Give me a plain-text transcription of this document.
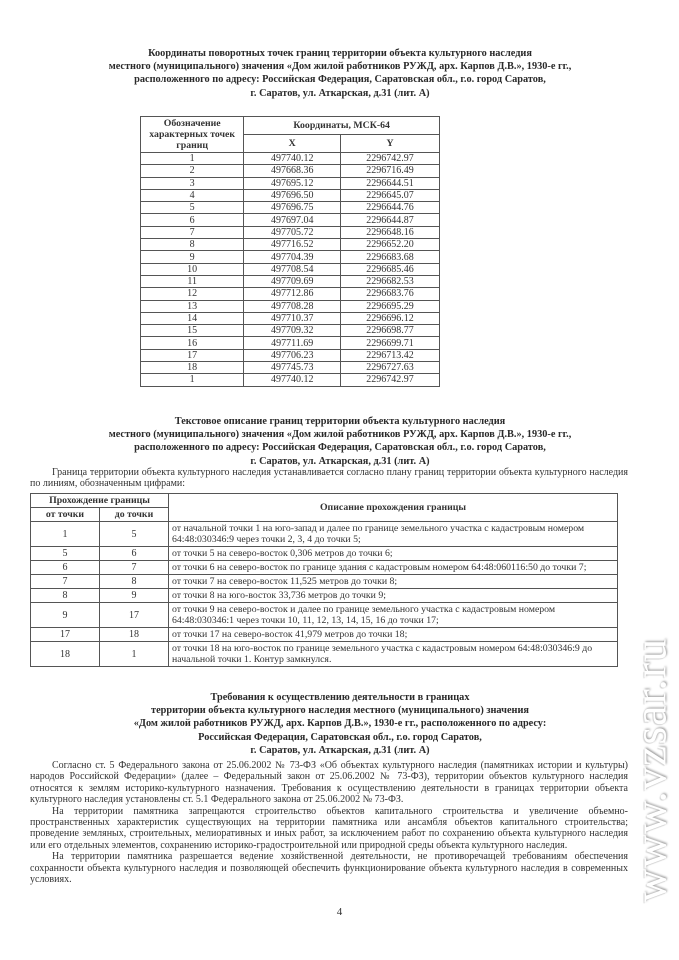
Координаты поворотных точек границ территории объекта культурного наследия
местного (муниципального) значения «Дом жилой работников РУЖД, арх. Карпов Д.В.», 1930-е гг.,
расположенного по адресу: Российская Федерация, Саратовская обл., г.о. город Саратов,
г. Саратов, ул. Аткарская, д.31 (лит. А)
Обозначение характерных точек границ	Координаты, МСК-64	
	X	Y
1	497740.12	2296742.97
2	497668.36	2296716.49
3	497695.12	2296644.51
4	497696.50	2296645.07
5	497696.75	2296644.76
6	497697.04	2296644.87
7	497705.72	2296648.16
8	497716.52	2296652.20
9	497704.39	2296683.68
10	497708.54	2296685.46
11	497709.69	2296682.53
12	497712.86	2296683.76
13	497708.28	2296695.29
14	497710.37	2296696.12
15	497709.32	2296698.77
16	497711.69	2296699.71
17	497706.23	2296713.42
18	497745.73	2296727.63
1	497740.12	2296742.97
Текстовое описание границ территории объекта культурного наследия
местного (муниципального) значения «Дом жилой работников РУЖД, арх. Карпов Д.В.», 1930-е гг.,
расположенного по адресу: Российская Федерация, Саратовская обл., г.о. город Саратов,
г. Саратов, ул. Аткарская, д.31 (лит. А)

Граница территории объекта культурного наследия устанавливается согласно плану границ территории объекта культурного наследия по линиям, обозначенным цифрами:

Прохождение границы		Описание прохождения границы
от точки	до точки	
1	5	от начальной точки 1 на юго-запад и далее по границе земельного участка с кадастровым номером 64:48:030346:9 через точки 2, 3, 4 до точки 5;
5	6	от точки 5 на северо-восток 0,306 метров до точки 6;
6	7	от точки 6 на северо-восток по границе здания с кадастровым номером 64:48:060116:50 до точки 7;
7	8	от точки 7 на северо-восток 11,525 метров до точки 8;
8	9	от точки 8 на юго-восток 33,736 метров до точки 9;
9	17	от точки 9 на северо-восток и далее по границе земельного участка с кадастровым номером 64:48:030346:1 через точки 10, 11, 12, 13, 14, 15, 16 до точки 17;
17	18	от точки 17 на северо-восток 41,979 метров до точки 18;
18	1	от точки 18 на юго-восток по границе земельного участка с кадастровым номером 64:48:030346:9 до начальной точки 1. Контур замкнулся.
Требования к осуществлению деятельности в границах
территории объекта культурного наследия местного (муниципального) значения
«Дом жилой работников РУЖД, арх. Карпов Д.В.», 1930-е гг., расположенного по адресу:
Российская Федерация, Саратовская обл., г.о. город Саратов,
г. Саратов, ул. Аткарская, д.31 (лит. А)

Согласно ст. 5 Федерального закона от 25.06.2002 № 73-ФЗ «Об объектах культурного наследия (памятниках истории и культуры) народов Российской Федерации» (далее – Федеральный закон от 25.06.2002 № 73-ФЗ), территории объектов культурного наследия относятся к землям историко-культурного назначения. Требования к осуществлению деятельности в границах территории объекта культурного наследия установлены ст. 5.1 Федерального закона от 25.06.2002 № 73-ФЗ.

На территории памятника запрещаются строительство объектов капитального строительства и увеличение объемно-пространственных характеристик существующих на территории памятника или ансамбля объектов капитального строительства; проведение земляных, строительных, мелиоративных и иных работ, за исключением работ по сохранению объекта культурного наследия или его отдельных элементов, сохранению историко-градостроительной или природной среды объекта культурного наследия.

На территории памятника разрешается ведение хозяйственной деятельности, не противоречащей требованиям обеспечения сохранности объекта культурного наследия и позволяющей обеспечить функционирование объекта культурного наследия в современных условиях.

4
www.vzsar.ru
